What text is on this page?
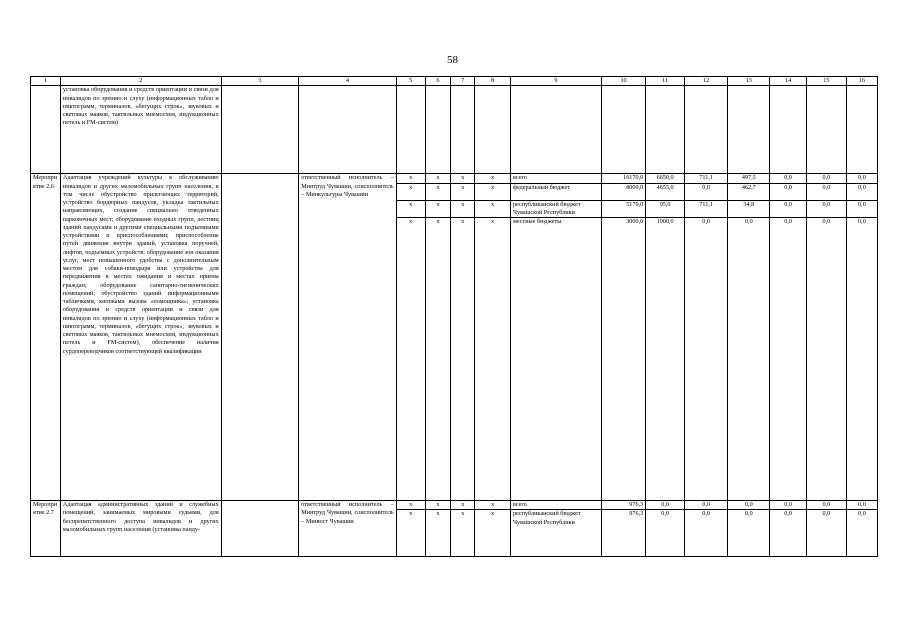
58
1	2	3	4	5	6	7	8	9	10	11	12	13	14	15	16
	установка оборудования и средств ориентации и связи для инвалидов по зрению и слуху (информационных табло и пиктограмм, терминалов, «бегущих строк», звуковых и световых маяков, тактильных мнемосхем, индукционных петель и FM-систем)														
Мероприятие 2.6	Адаптация учреждений культуры к обслуживанию инвалидов и других маломобильных групп населения, в том числе обустройство прилегающих территорий, устройство бордюрных пандусов, укладка тактильных направляющих, создание специально отведенных парковочных мест; оборудование входных групп, лестниц зданий пандусами и другими специальными подъемными устройствами и приспособлениями; приспособление путей движения внутри зданий, установка поручней, лифтов, подъемных устройств; оборудование зон оказания услуг, мест повышенного удобства с дополнительным местом для собаки-поводыря или устройства для передвижения в местах ожидания и местах приема граждан; оборудование санитарно-гигиенических помещений; обустройство зданий информационными табличками, кнопками вызова «помощника»; установка оборудования и средств ориентации и связи для инвалидов по зрению и слуху (информационных табло и пиктограмм, терминалов, «бегущих строк», звуковых и световых маяков, тактильных мнемосхем, индукционных петель и FM-систем), обеспечение наличия сурдопереводчиков соответствующей квалификации		ответственный исполнитель – Минтруд Чувашии, соисполнитель – Минкультуры Чувашии	x	x	x	x	всего	16170,0	6650,0	711,1	497,5	0,0	0,0	0,0
				x	x	x	x	федеральный бюджет	8000,0	4655,0	0,0	462,7	0,0	0,0	0,0
				x	x	x	x	республиканский бюджет Чувашской Республики	5170,0	95,0	711,1	34,8	0,0	0,0	0,0
				x	x	x	x	местные бюджеты	3000,0	1900,0	0,0	0,0	0,0	0,0	0,0
Мероприятие 2.7	Адаптация административных зданий и служебных помещений, занимаемых мировыми судьями, для беспрепятственного доступа инвалидов и других маломобильных групп населения (установка панду-		ответственный исполнитель – Минтруд Чувашии, соисполнитель – Минюст Чувашии	x	x	x	x	всего	976,3	0,0	0,0	0,0	0,0	0,0	0,0
				x	x	x	x	республиканский бюджет Чувашской Республики	976,3	0,0	0,0	0,0	0,0	0,0	0,0
